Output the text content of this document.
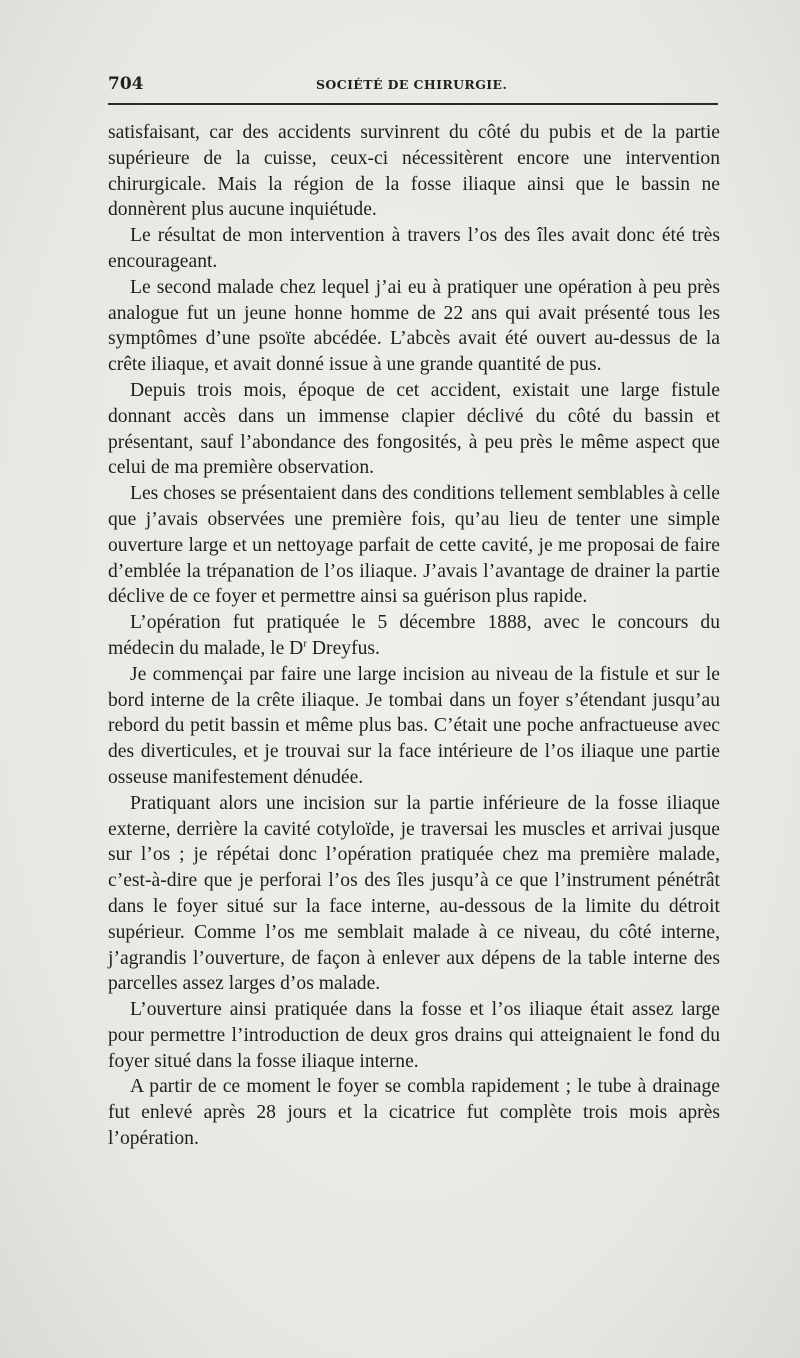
704	SOCIÉTÉ DE CHIRURGIE.

satisfaisant, car des accidents survinrent du côté du pubis et de la partie supérieure de la cuisse, ceux-ci nécessitèrent encore une intervention chirurgicale. Mais la région de la fosse iliaque ainsi que le bassin ne donnèrent plus aucune inquiétude.

Le résultat de mon intervention à travers l’os des îles avait donc été très encourageant.

Le second malade chez lequel j’ai eu à pratiquer une opération à peu près analogue fut un jeune honne homme de 22 ans qui avait présenté tous les symptômes d’une psoïte abcédée. L’abcès avait été ouvert au-dessus de la crête iliaque, et avait donné issue à une grande quantité de pus.

Depuis trois mois, époque de cet accident, existait une large fistule donnant accès dans un immense clapier déclivé du côté du bassin et présentant, sauf l’abondance des fongosités, à peu près le même aspect que celui de ma première observation.

Les choses se présentaient dans des conditions tellement semblables à celle que j’avais observées une première fois, qu’au lieu de tenter une simple ouverture large et un nettoyage parfait de cette cavité, je me proposai de faire d’emblée la trépanation de l’os iliaque. J’avais l’avantage de drainer la partie déclive de ce foyer et permettre ainsi sa guérison plus rapide.

L’opération fut pratiquée le 5 décembre 1888, avec le concours du médecin du malade, le $D^r$ Dreyfus.

Je commençai par faire une large incision au niveau de la fistule et sur le bord interne de la crête iliaque. Je tombai dans un foyer s’étendant jusqu’au rebord du petit bassin et même plus bas. C’était une poche anfractueuse avec des diverticules, et je trouvai sur la face intérieure de l’os iliaque une partie osseuse manifestement dénudée.

Pratiquant alors une incision sur la partie inférieure de la fosse iliaque externe, derrière la cavité cotyloïde, je traversai les muscles et arrivai jusque sur l’os ; je répétai donc l’opération pratiquée chez ma première malade, c’est-à-dire que je perforai l’os des îles jusqu’à ce que l’instrument pénétrât dans le foyer situé sur la face interne, au-dessous de la limite du détroit supérieur. Comme l’os me semblait malade à ce niveau, du côté interne, j’agrandis l’ouverture, de façon à enlever aux dépens de la table interne des parcelles assez larges d’os malade.

L’ouverture ainsi pratiquée dans la fosse et l’os iliaque était assez large pour permettre l’introduction de deux gros drains qui atteignaient le fond du foyer situé dans la fosse iliaque interne.

A partir de ce moment le foyer se combla rapidement ; le tube à drainage fut enlevé après 28 jours et la cicatrice fut complète trois mois après l’opération.
